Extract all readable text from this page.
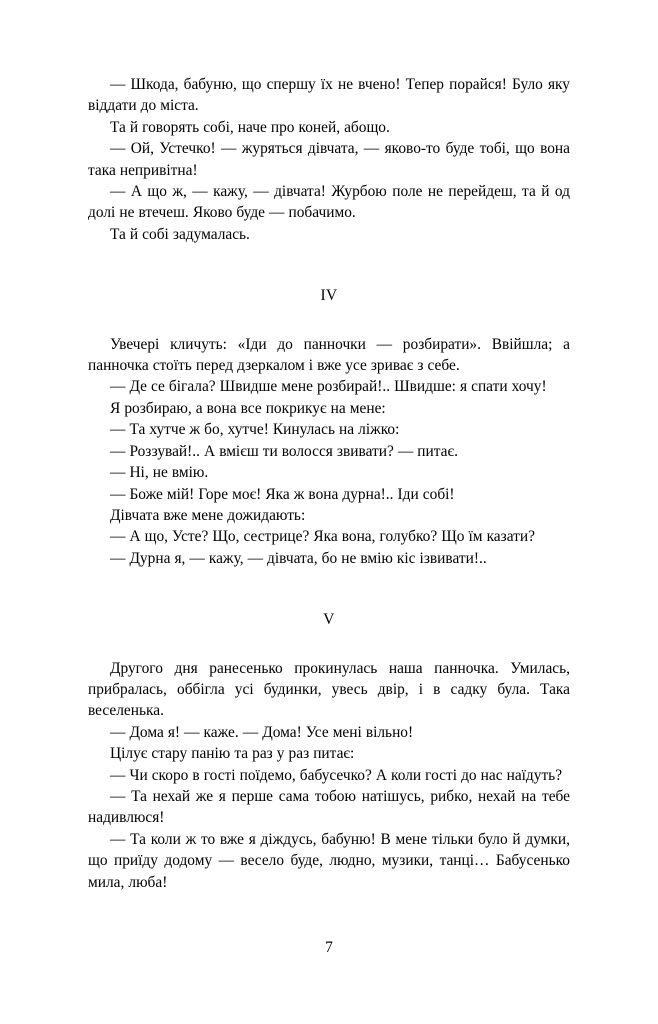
— Шкода, бабуню, що спершу їх не вчено! Тепер порайся! Було яку віддати до міста.

Та й говорять собі, наче про коней, абощо.

— Ой, Устечко! — журяться дівчата, — яково-то буде тобі, що вона така непривітна!

— А що ж, — кажу, — дівчата! Журбою поле не перейдеш, та й од долі не втечеш. Яково буде — побачимо.

Та й собі задумалась.

IV

Увечері кличуть: «Іди до панночки — розбирати». Ввійшла; а панночка стоїть перед дзеркалом і вже усе зриває з себе.

— Де се бігала? Швидше мене розбирай!.. Швидше: я спати хочу!

Я розбираю, а вона все покрикує на мене:

— Та хутче ж бо, хутче! Кинулась на ліжко:

— Роззувай!.. А вмієш ти волосся звивати? — питає.

— Ні, не вмію.

— Боже мій! Горе моє! Яка ж вона дурна!.. Іди собі!

Дівчата вже мене дожидають:

— А що, Усте? Що, сестрице? Яка вона, голубко? Що їм казати?

— Дурна я, — кажу, — дівчата, бо не вмію кіс ізвивати!..

V

Другого дня ранесенько прокинулась наша панночка. Умилась, прибралась, оббігла усі будинки, увесь двір, і в садку була. Така веселенька.

— Дома я! — каже. — Дома! Усе мені вільно!

Цілує стару панію та раз у раз питає:

— Чи скоро в гості поїдемо, бабусечко? А коли гості до нас наїдуть?

— Та нехай же я перше сама тобою натішусь, рибко, нехай на тебе надивлюся!

— Та коли ж то вже я діждусь, бабуню! В мене тільки було й думки, що приїду додому — весело буде, людно, музики, танці… Бабусенько мила, люба!

7
